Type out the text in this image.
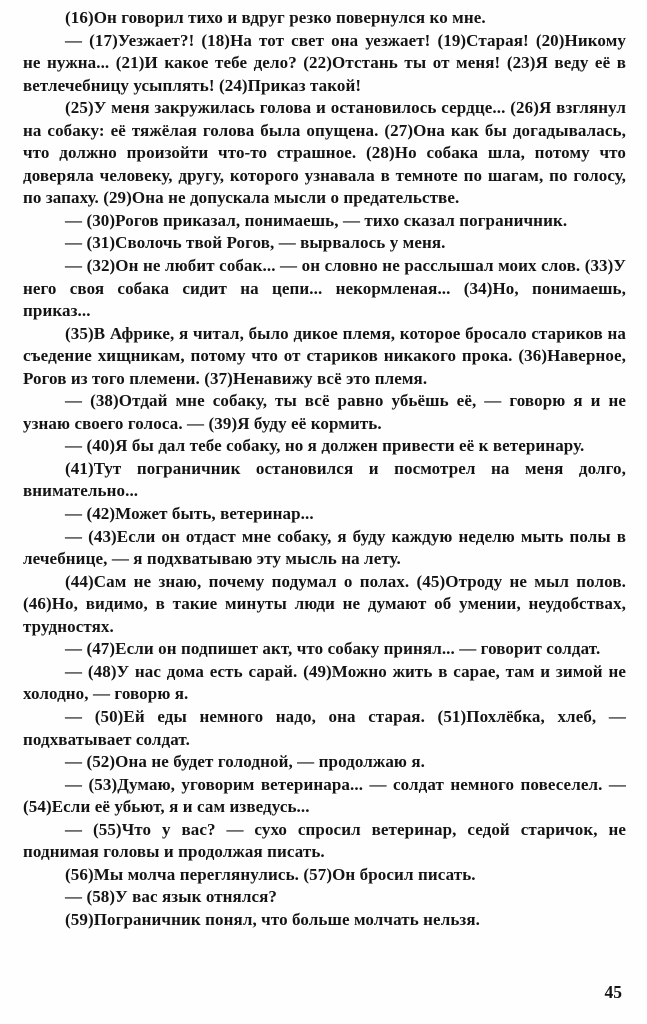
(16)Он говорил тихо и вдруг резко повернулся ко мне.

— (17)Уезжает?! (18)На тот свет она уезжает! (19)Старая! (20)Никому не нужна... (21)И какое тебе дело? (22)Отстань ты от меня! (23)Я веду её в ветлечебницу усыплять! (24)Приказ такой!

(25)У меня закружилась голова и остановилось сердце... (26)Я взглянул на собаку: её тяжёлая голова была опущена. (27)Она как бы догадывалась, что должно произойти что-то страшное. (28)Но собака шла, потому что доверяла человеку, другу, которого узнавала в темноте по шагам, по голосу, по запаху. (29)Она не допускала мысли о предательстве.

— (30)Рогов приказал, понимаешь, — тихо сказал пограничник.

— (31)Сволочь твой Рогов, — вырвалось у меня.

— (32)Он не любит собак... — он словно не расслышал моих слов. (33)У него своя собака сидит на цепи... некормленая... (34)Но, понимаешь, приказ...

(35)В Африке, я читал, было дикое племя, которое бросало стариков на съедение хищникам, потому что от стариков никакого прока. (36)Наверное, Рогов из того племени. (37)Ненавижу всё это племя.

— (38)Отдай мне собаку, ты всё равно убьёшь её, — говорю я и не узнаю своего голоса. — (39)Я буду её кормить.

— (40)Я бы дал тебе собаку, но я должен привести её к ветеринару.

(41)Тут пограничник остановился и посмотрел на меня долго, внимательно...

— (42)Может быть, ветеринар...

— (43)Если он отдаст мне собаку, я буду каждую неделю мыть полы в лечебнице, — я подхватываю эту мысль на лету.

(44)Сам не знаю, почему подумал о полах. (45)Отроду не мыл полов. (46)Но, видимо, в такие минуты люди не думают об умении, неудобствах, трудностях.

— (47)Если он подпишет акт, что собаку принял... — говорит солдат.

— (48)У нас дома есть сарай. (49)Можно жить в сарае, там и зимой не холодно, — говорю я.

— (50)Ей еды немного надо, она старая. (51)Похлёбка, хлеб, — подхватывает солдат.

— (52)Она не будет голодной, — продолжаю я.

— (53)Думаю, уговорим ветеринара... — солдат немного повеселел. — (54)Если её убьют, я и сам изведусь...

— (55)Что у вас? — сухо спросил ветеринар, седой старичок, не поднимая головы и продолжая писать.

(56)Мы молча переглянулись. (57)Он бросил писать.

— (58)У вас язык отнялся?

(59)Пограничник понял, что больше молчать нельзя.

45
